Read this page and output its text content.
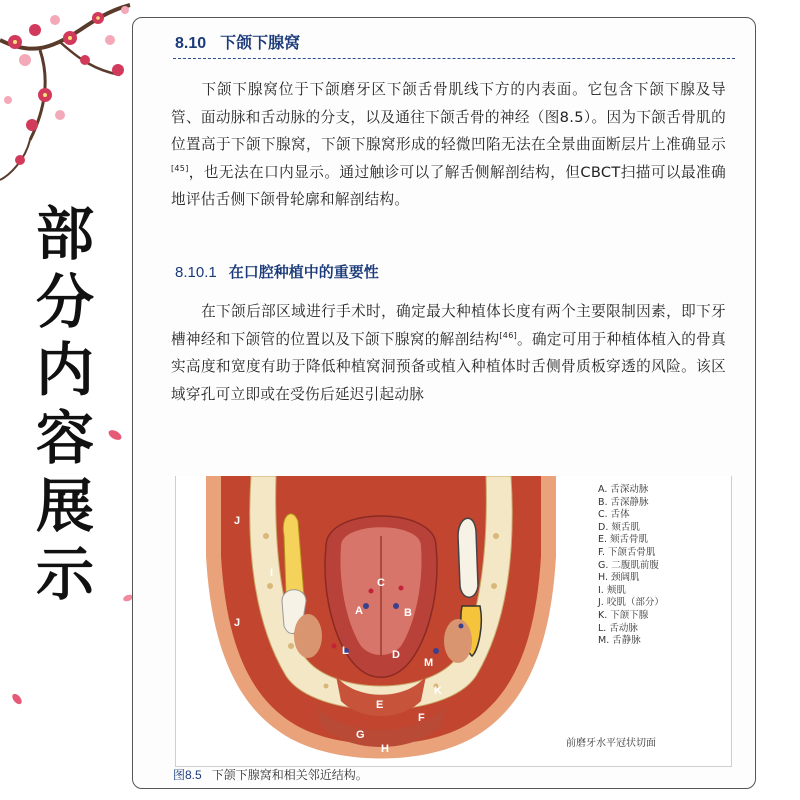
部
分
内
容
展
示
8.10 下颌下腺窝
下颌下腺窝位于下颌磨牙区下颌舌骨肌线下方的内表面。它包含下颌下腺及导管、面动脉和舌动脉的分支，以及通往下颌舌骨的神经（图8.5）。因为下颌舌骨肌的位置高于下颌下腺窝，下颌下腺窝形成的轻微凹陷无法在全景曲面断层片上准确显示[45]，也无法在口内显示。通过触诊可以了解舌侧解剖结构，但CBCT扫描可以最准确地评估舌侧下颌骨轮廓和解剖结构。
8.10.1 在口腔种植中的重要性
在下颌后部区域进行手术时，确定最大种植体长度有两个主要限制因素，即下牙槽神经和下颌管的位置以及下颌下腺窝的解剖结构[46]。确定可用于种植体植入的骨真实高度和宽度有助于降低种植窝洞预备或植入种植体时舌侧骨质板穿透的风险。该区域穿孔可立即或在受伤后延迟引起动脉
A	B
C
D
E
F
G
H
I
J
J
K
L
M
A. 舌深动脉
B. 舌深静脉
C. 舌体
D. 颏舌肌
E. 颏舌骨肌
F. 下颌舌骨肌
G. 二腹肌前腹
H. 颈阔肌
I. 颊肌
J. 咬肌（部分）
K. 下颌下腺
L. 舌动脉
M. 舌静脉
前磨牙水平冠状切面
图8.5 下颌下腺窝和相关邻近结构。
